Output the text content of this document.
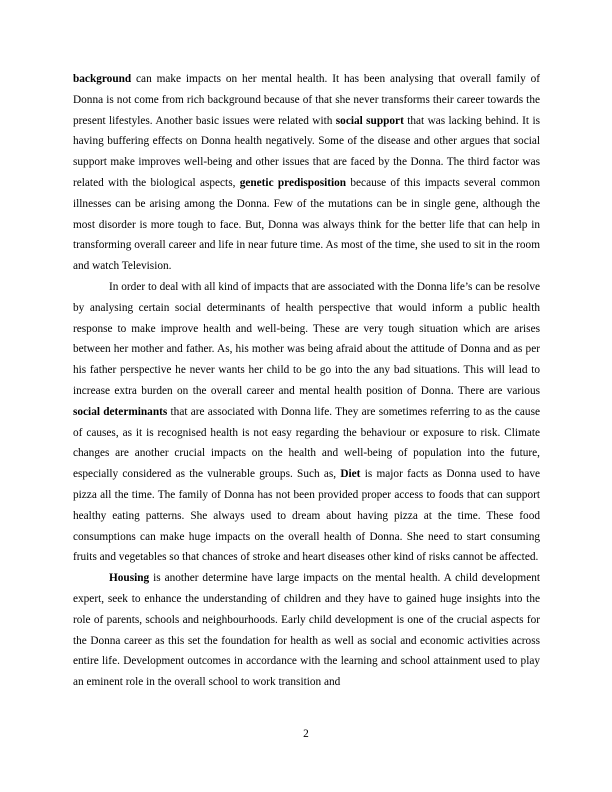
background can make impacts on her mental health. It has been analysing that overall family of Donna is not come from rich background because of that she never transforms their career towards the present lifestyles. Another basic issues were related with social support that was lacking behind. It is having buffering effects on Donna health negatively. Some of the disease and other argues that social support make improves well-being and other issues that are faced by the Donna. The third factor was related with the biological aspects, genetic predisposition because of this impacts several common illnesses can be arising among the Donna. Few of the mutations can be in single gene, although the most disorder is more tough to face. But, Donna was always think for the better life that can help in transforming overall career and life in near future time. As most of the time, she used to sit in the room and watch Television.

In order to deal with all kind of impacts that are associated with the Donna life’s can be resolve by analysing certain social determinants of health perspective that would inform a public health response to make improve health and well-being. These are very tough situation which are arises between her mother and father. As, his mother was being afraid about the attitude of Donna and as per his father perspective he never wants her child to be go into the any bad situations. This will lead to increase extra burden on the overall career and mental health position of Donna. There are various social determinants that are associated with Donna life. They are sometimes referring to as the cause of causes, as it is recognised health is not easy regarding the behaviour or exposure to risk. Climate changes are another crucial impacts on the health and well-being of population into the future, especially considered as the vulnerable groups. Such as, Diet is major facts as Donna used to have pizza all the time. The family of Donna has not been provided proper access to foods that can support healthy eating patterns. She always used to dream about having pizza at the time. These food consumptions can make huge impacts on the overall health of Donna. She need to start consuming fruits and vegetables so that chances of stroke and heart diseases other kind of risks cannot be affected.

Housing is another determine have large impacts on the mental health. A child development expert, seek to enhance the understanding of children and they have to gained huge insights into the role of parents, schools and neighbourhoods. Early child development is one of the crucial aspects for the Donna career as this set the foundation for health as well as social and economic activities across entire life. Development outcomes in accordance with the learning and school attainment used to play an eminent role in the overall school to work transition and

2
